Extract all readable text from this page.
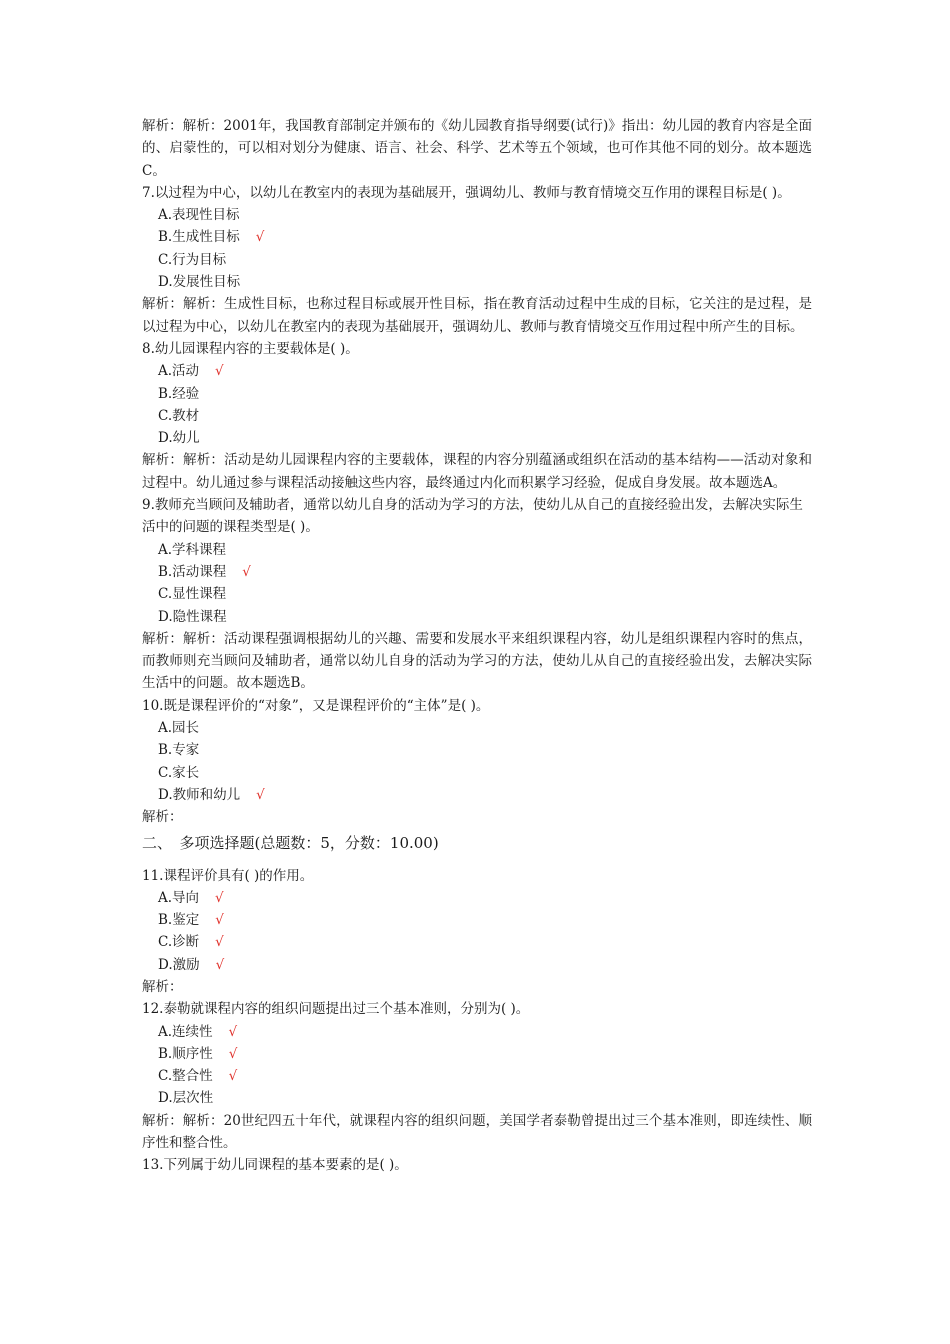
解析：解析：2001年，我国教育部制定并颁布的《幼儿园教育指导纲要(试行)》指出：幼儿园的教育内容是全面的、启蒙性的，可以相对划分为健康、语言、社会、科学、艺术等五个领域，也可作其他不同的划分。故本题选C。

7.以过程为中心，以幼儿在教室内的表现为基础展开，强调幼儿、教师与教育情境交互作用的课程目标是( )。

A.表现性目标

B.生成性目标 √

C.行为目标

D.发展性目标

解析：解析：生成性目标，也称过程目标或展开性目标，指在教育活动过程中生成的目标，它关注的是过程，是以过程为中心，以幼儿在教室内的表现为基础展开，强调幼儿、教师与教育情境交互作用过程中所产生的目标。

8.幼儿园课程内容的主要载体是( )。

A.活动 √

B.经验

C.教材

D.幼儿

解析：解析：活动是幼儿园课程内容的主要载体，课程的内容分别蕴涵或组织在活动的基本结构——活动对象和过程中。幼儿通过参与课程活动接触这些内容，最终通过内化而积累学习经验，促成自身发展。故本题选A。

9.教师充当顾问及辅助者，通常以幼儿自身的活动为学习的方法，使幼儿从自己的直接经验出发，去解决实际生活中的问题的课程类型是( )。

A.学科课程

B.活动课程 √

C.显性课程

D.隐性课程

解析：解析：活动课程强调根据幼儿的兴趣、需要和发展水平来组织课程内容，幼儿是组织课程内容时的焦点，而教师则充当顾问及辅助者，通常以幼儿自身的活动为学习的方法，使幼儿从自己的直接经验出发，去解决实际生活中的问题。故本题选B。

10.既是课程评价的“对象”，又是课程评价的“主体”是( )。

A.园长

B.专家

C.家长

D.教师和幼儿 √

解析：

二、　多项选择题(总题数：5，分数：10.00)

11.课程评价具有( )的作用。

A.导向 √

B.鉴定 √

C.诊断 √

D.激励 √

解析：

12.泰勒就课程内容的组织问题提出过三个基本准则，分别为( )。

A.连续性 √

B.顺序性 √

C.整合性 √

D.层次性

解析：解析：20世纪四五十年代，就课程内容的组织问题，美国学者泰勒曾提出过三个基本准则，即连续性、顺序性和整合性。

13.下列属于幼儿同课程的基本要素的是( )。
